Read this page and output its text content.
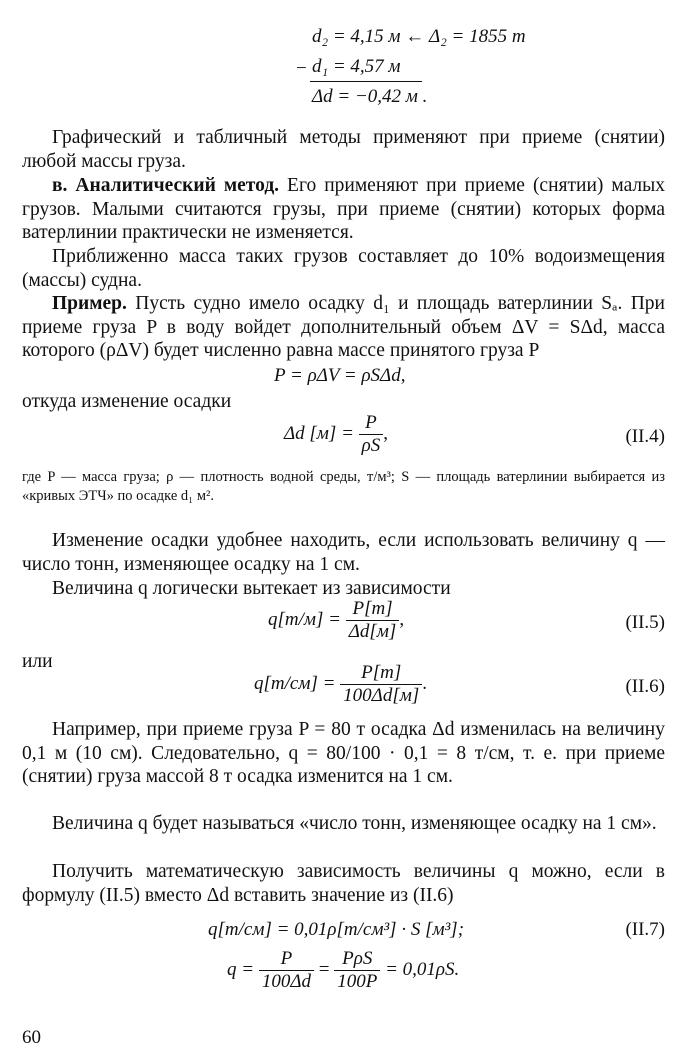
d₂ = 4,15 м ← Δ₂ = 1855 т
− d₁ = 4,57 м
Δd = −0,42 м .
Графический и табличный методы применяют при приеме (снятии) любой массы груза.
в. Аналитический метод. Его применяют при приеме (снятии) малых грузов. Малыми считаются грузы, при приеме (снятии) которых форма ватерлинии практически не изменяется.
Приближенно масса таких грузов составляет до 10% водоизмещения (массы) судна.
Пример. Пусть судно имело осадку d₁ и площадь ватерлинии Sₐ. При приеме груза P в воду войдет дополнительный объем ΔV = SΔd, масса которого (ρΔV) будет численно равна массе принятого груза P
P = ρΔV = ρSΔd,
откуда изменение осадки
Δd $[м] = \frac{P}{\rho S}$ ,	(II.4)
где P — масса груза; ρ — плотность водной среды, т/м³; S — площадь ватерлинии выбирается из «кривых ЭТЧ» по осадке d₁ м².
Изменение осадки удобнее находить, если использовать величину q — число тонн, изменяющее осадку на 1 см.
Величина q логически вытекает из зависимости
$q[т/м] = \frac{P[т]}{\Delta d[м]}$ ,	(II.5)
или
$q[т/см] = \frac{P[т]}{100\Delta d[м]}$ .	(II.6)
Например, при приеме груза P = 80 т осадка Δd изменилась на величину 0,1 м (10 см). Следовательно, q = 80/100 · 0,1 = 8 т/см, т. е. при приеме (снятии) груза массой 8 т осадка изменится на 1 см.
Величина q будет называться «число тонн, изменяющее осадку на 1 см».
Получить математическую зависимость величины q можно, если в формулу (II.5) вместо Δd вставить значение из (II.6)
q[т/см] = 0,01ρ[т/см³] · S [м³];	(II.7)
$q = \frac{P}{100\Delta d} = \frac{\text{PρS}}{100P} = 0,01\rho S$.
60
